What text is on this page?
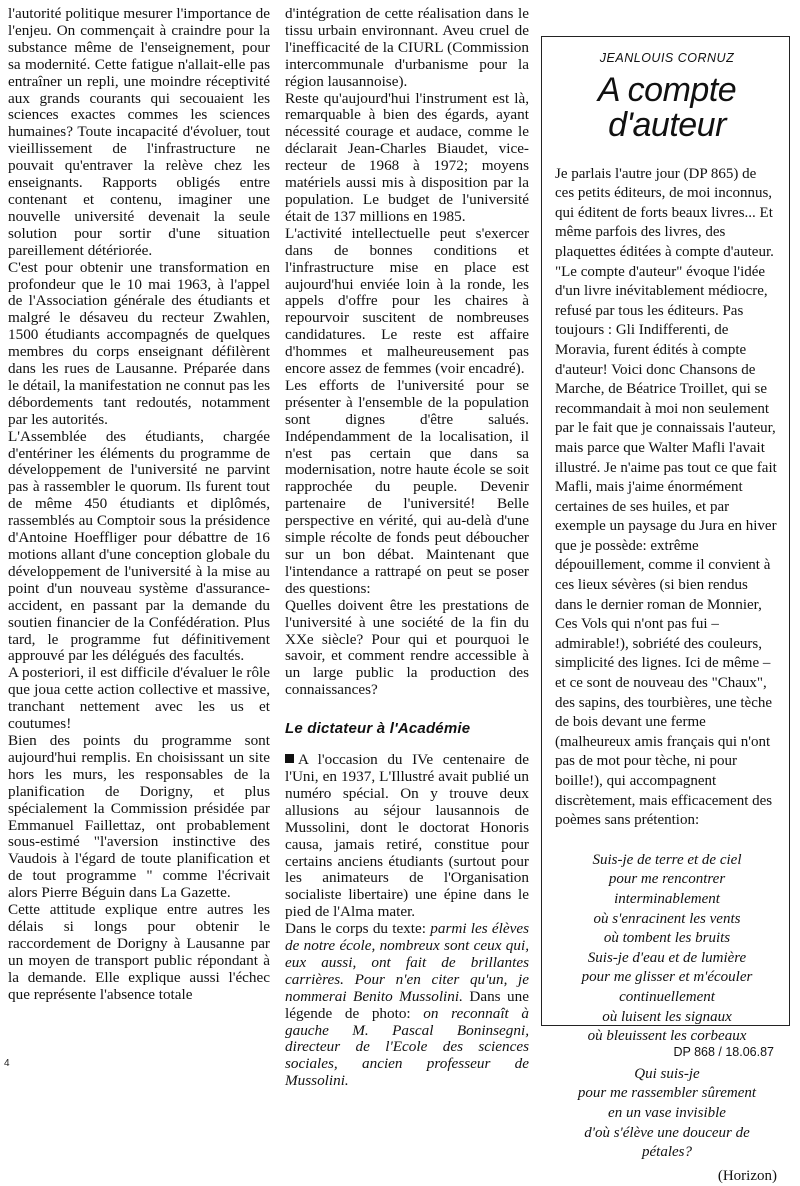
l'autorité politique mesurer l'importance de l'enjeu. On commençait à craindre pour la substance même de l'enseignement, pour sa modernité. Cette fatigue n'allait-elle pas entraîner un repli, une moindre réceptivité aux grands courants qui secouaient les sciences exactes commes les sciences humaines? Toute incapacité d'évoluer, tout vieillissement de l'infrastructure ne pouvait qu'entraver la relève chez les enseignants. Rapports obligés entre contenant et contenu, imaginer une nouvelle université devenait la seule solution pour sortir d'une situation pareillement détériorée.

C'est pour obtenir une transformation en profondeur que le 10 mai 1963, à l'appel de l'Association générale des étudiants et malgré le désaveu du recteur Zwahlen, 1500 étudiants accompagnés de quelques membres du corps enseignant défilèrent dans les rues de Lausanne. Préparée dans le détail, la manifestation ne connut pas les débordements tant redoutés, notamment par les autorités.

L'Assemblée des étudiants, chargée d'entériner les éléments du programme de développement de l'université ne parvint pas à rassembler le quorum. Ils furent tout de même 450 étudiants et diplômés, rassemblés au Comptoir sous la présidence d'Antoine Hoeffliger pour débattre de 16 motions allant d'une conception globale du développement de l'université à la mise au point d'un nouveau système d'assurance-accident, en passant par la demande du soutien financier de la Confédération. Plus tard, le programme fut définitivement approuvé par les délégués des facultés.

A posteriori, il est difficile d'évaluer le rôle que joua cette action collective et massive, tranchant nettement avec les us et coutumes!

Bien des points du programme sont aujourd'hui remplis. En choisissant un site hors les murs, les responsables de la planification de Dorigny, et plus spécialement la Commission présidée par Emmanuel Faillettaz, ont probablement sous-estimé "l'aversion instinctive des Vaudois à l'égard de toute planification et de tout programme " comme l'écrivait alors Pierre Béguin dans La Gazette.

Cette attitude explique entre autres les délais si longs pour obtenir le raccordement de Dorigny à Lausanne par un moyen de transport public répondant à la demande. Elle explique aussi l'échec que représente l'absence totale

d'intégration de cette réalisation dans le tissu urbain environnant. Aveu cruel de l'inefficacité de la CIURL (Commission intercommunale d'urbanisme pour la région lausannoise).

Reste qu'aujourd'hui l'instrument est là, remarquable à bien des égards, ayant nécessité courage et audace, comme le déclarait Jean-Charles Biaudet, vice-recteur de 1968 à 1972; moyens matériels aussi mis à disposition par la population. Le budget de l'université était de 137 millions en 1985.

L'activité intellectuelle peut s'exercer dans de bonnes conditions et l'infrastructure mise en place est aujourd'hui enviée loin à la ronde, les appels d'offre pour les chaires à repourvoir suscitent de nombreuses candidatures. Le reste est affaire d'hommes et malheureusement pas encore assez de femmes (voir encadré).

Les efforts de l'université pour se présenter à l'ensemble de la population sont dignes d'être salués. Indépendamment de la localisation, il n'est pas certain que dans sa modernisation, notre haute école se soit rapprochée du peuple. Devenir partenaire de l'université! Belle perspective en vérité, qui au-delà d'une simple récolte de fonds peut déboucher sur un bon débat. Maintenant que l'intendance a rattrapé on peut se poser des questions:

Quelles doivent être les prestations de l'université à une société de la fin du XXe siècle? Pour qui et pourquoi le savoir, et comment rendre accessible à un large public la production des connaissances?

Le dictateur à l'Académie

A l'occasion du IVe centenaire de l'Uni, en 1937, L'Illustré avait publié un numéro spécial. On y trouve deux allusions au séjour lausannois de Mussolini, dont le doctorat Honoris causa, jamais retiré, constitue pour certains anciens étudiants (surtout pour les animateurs de l'Organisation socialiste libertaire) une épine dans le pied de l'Alma mater.

Dans le corps du texte: parmi les élèves de notre école, nombreux sont ceux qui, eux aussi, ont fait de brillantes carrières. Pour n'en citer qu'un, je nommerai Benito Mussolini. Dans une légende de photo: on reconnaît à gauche M. Pascal Boninsegni, directeur de l'Ecole des sciences sociales, ancien professeur de Mussolini.

JEANLOUIS CORNUZ
A compte
d'auteur

Je parlais l'autre jour (DP 865) de ces petits éditeurs, de moi inconnus, qui éditent de forts beaux livres... Et même parfois des livres, des plaquettes éditées à compte d'auteur. "Le compte d'auteur" évoque l'idée d'un livre inévitablement médiocre, refusé par tous les éditeurs. Pas toujours : Gli Indifferenti, de Moravia, furent édités à compte d'auteur! Voici donc Chansons de Marche, de Béatrice Troillet, qui se recommandait à moi non seulement par le fait que je connaissais l'auteur, mais parce que Walter Mafli l'avait illustré. Je n'aime pas tout ce que fait Mafli, mais j'aime énormément certaines de ses huiles, et par exemple un paysage du Jura en hiver que je possède: extrême dépouillement, comme il convient à ces lieux sévères (si bien rendus dans le dernier roman de Monnier, Ces Vols qui n'ont pas fui – admirable!), sobriété des couleurs, simplicité des lignes. Ici de même – et ce sont de nouveau des "Chaux", des sapins, des tourbières, une tèche de bois devant une ferme (malheureux amis français qui n'ont pas de mot pour tèche, ni pour boille!), qui accompagnent discrètement, mais efficacement des poèmes sans prétention:

Suis-je de terre et de ciel
pour me rencontrer
interminablement
où s'enracinent les vents
où tombent les bruits
Suis-je d'eau et de lumière
pour me glisser et m'écouler
continuellement
où luisent les signaux
où bleuissent les corbeaux
Qui suis-je
pour me rassembler sûrement
en un vase invisible
d'où s'élève une douceur de
pétales?
(Horizon)
4
DP 868 / 18.06.87
